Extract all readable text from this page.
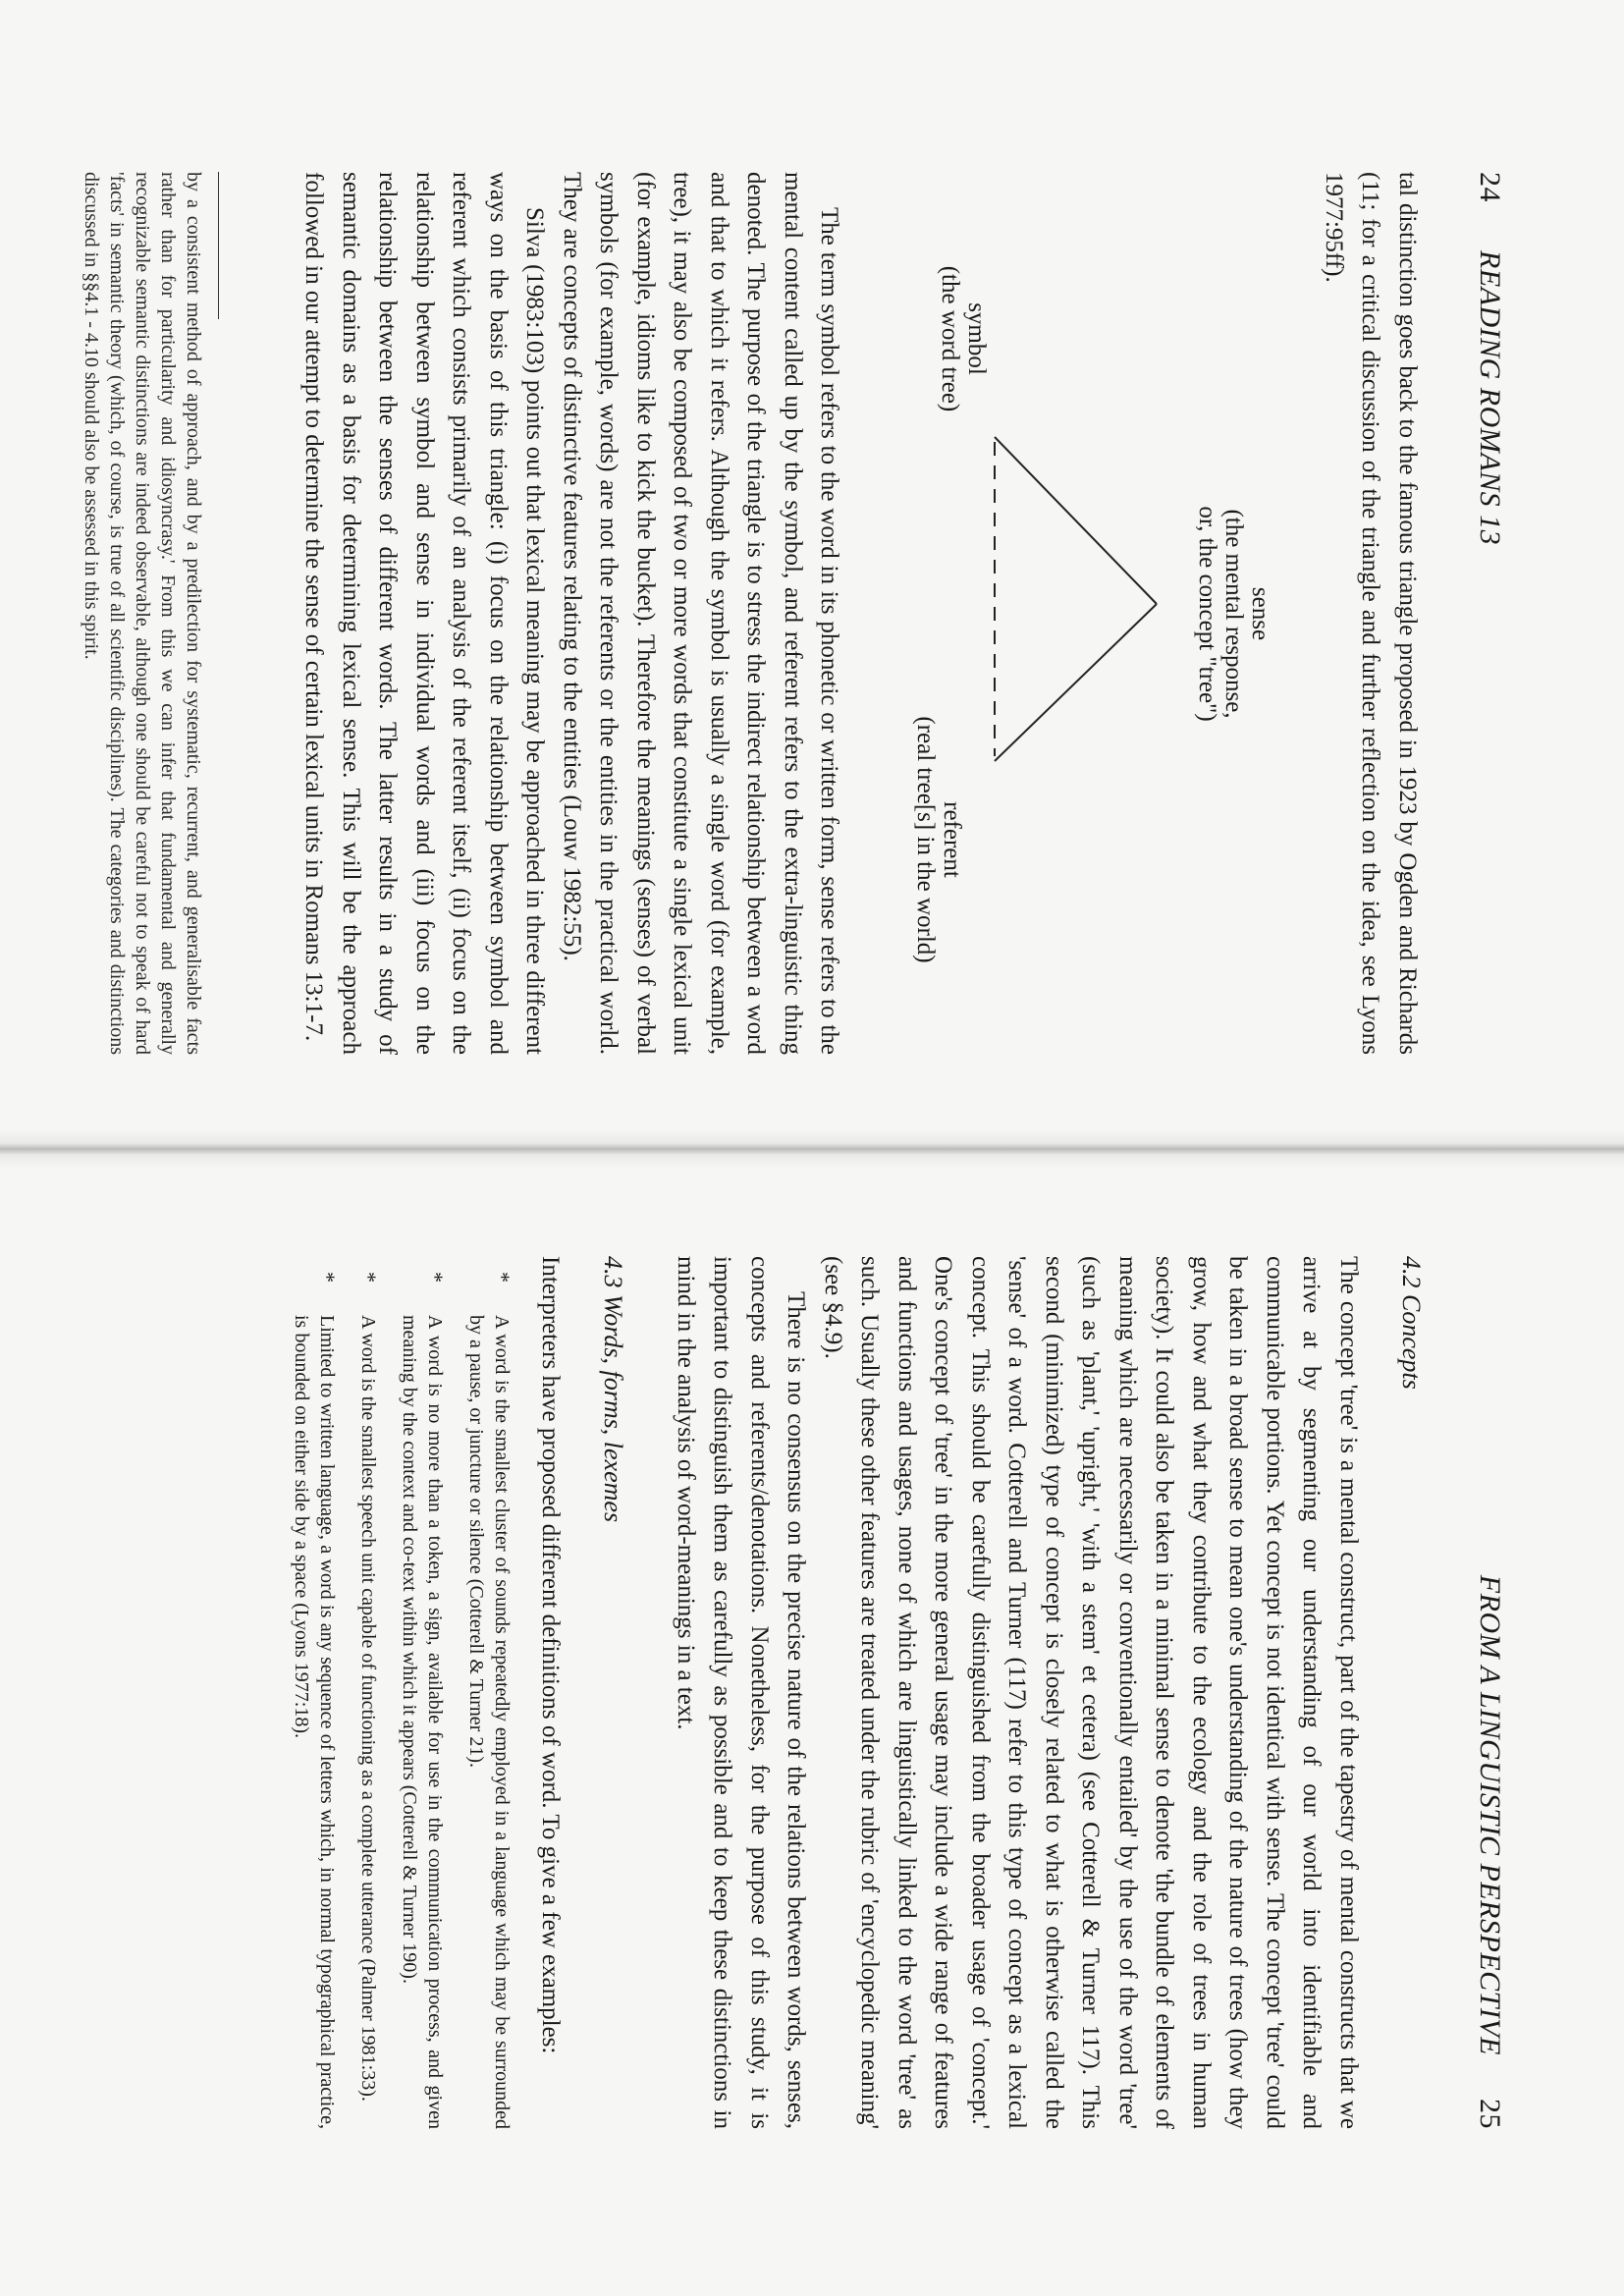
24
READING ROMANS 13

tal distinction goes back to the famous triangle proposed in 1923 by Ogden and Richards (11; for a critical discussion of the triangle and further reflection on the idea, see Lyons 1977:95ff).

sense
(the mental response,
or, the concept "tree")
symbol
(the word tree)
referent
(real tree[s] in the world)

The term symbol refers to the word in its phonetic or written form, sense refers to the mental content called up by the symbol, and referent refers to the extra-linguistic thing denoted. The purpose of the triangle is to stress the indirect relationship between a word and that to which it refers. Although the symbol is usually a single word (for example, tree), it may also be composed of two or more words that constitute a single lexical unit (for example, idioms like to kick the bucket). Therefore the meanings (senses) of verbal symbols (for example, words) are not the referents or the entities in the practical world. They are concepts of distinctive features relating to the entities (Louw 1982:55).

Silva (1983:103) points out that lexical meaning may be approached in three different ways on the basis of this triangle: (i) focus on the relationship between symbol and referent which consists primarily of an analysis of the referent itself, (ii) focus on the relationship between symbol and sense in individual words and (iii) focus on the relationship between the senses of different words. The latter results in a study of semantic domains as a basis for determining lexical sense. This will be the approach followed in our attempt to determine the sense of certain lexical units in Romans 13:1-7.

by a consistent method of approach, and by a predilection for systematic, recurrent, and generalisable facts rather than for particularity and idiosyncrasy.' From this we can infer that fundamental and generally recognizable semantic distinctions are indeed observable, although one should be careful not to speak of hard 'facts' in semantic theory (which, of course, is true of all scientific disciplines). The categories and distinctions discussed in §§4.1 - 4.10 should also be assessed in this spirit.
FROM A LINGUISTIC PERSPECTIVE
25
4.2 Concepts

The concept 'tree' is a mental construct, part of the tapestry of mental constructs that we arrive at by segmenting our understanding of our world into identifiable and communicable portions. Yet concept is not identical with sense. The concept 'tree' could be taken in a broad sense to mean one's understanding of the nature of trees (how they grow, how and what they contribute to the ecology and the role of trees in human society). It could also be taken in a minimal sense to denote 'the bundle of elements of meaning which are necessarily or conventionally entailed' by the use of the word 'tree' (such as 'plant,' 'upright,' 'with a stem' et cetera) (see Cotterell & Turner 117). This second (minimized) type of concept is closely related to what is otherwise called the 'sense' of a word. Cotterell and Turner (117) refer to this type of concept as a lexical concept. This should be carefully distinguished from the broader usage of 'concept.' One's concept of 'tree' in the more general usage may include a wide range of features and functions and usages, none of which are linguistically linked to the word 'tree' as such. Usually these other features are treated under the rubric of 'encyclopedic meaning' (see §4.9).

There is no consensus on the precise nature of the relations between words, senses, concepts and referents/denotations. Nonetheless, for the purpose of this study, it is important to distinguish them as carefully as possible and to keep these distinctions in mind in the analysis of word-meanings in a text.

4.3 Words, forms, lexemes

Interpreters have proposed different definitions of word. To give a few examples:

*
A word is the smallest cluster of sounds repeatedly employed in a language which may be surrounded by a pause, or juncture or silence (Cotterell & Turner 21).
*
A word is no more than a token, a sign, available for use in the communication process, and given meaning by the context and co-text within which it appears (Cotterell & Turner 190).
*
A word is the smallest speech unit capable of functioning as a complete utterance (Palmer 1981:33).
*
Limited to written language, a word is any sequence of letters which, in normal typographical practice, is bounded on either side by a space (Lyons 1977:18).
